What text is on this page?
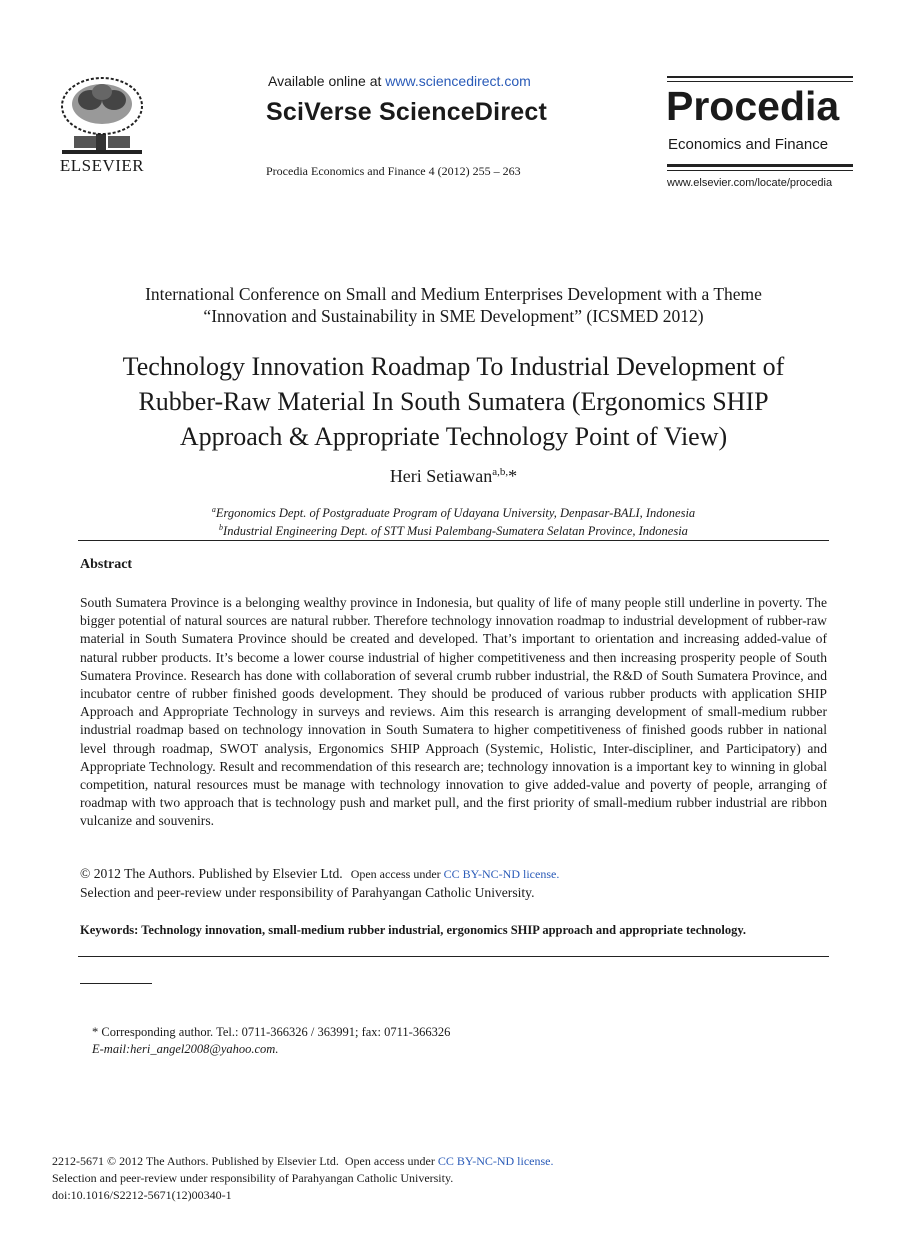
ELSEVIER
Available online at www.sciencedirect.com
SciVerse ScienceDirect
Procedia Economics and Finance 4 (2012) 255 – 263
Procedia
Economics and Finance
www.elsevier.com/locate/procedia
International Conference on Small and Medium Enterprises Development with a Theme
“Innovation and Sustainability in SME Development” (ICSMED 2012)
Technology Innovation Roadmap To Industrial Development of
Rubber-Raw Material In South Sumatera (Ergonomics SHIP
Approach & Appropriate Technology Point of View)
Heri Setiawan$^{a,b,}$*
$^a$Ergonomics Dept. of Postgraduate Program of Udayana University, Denpasar-BALI, Indonesia
$^b$Industrial Engineering Dept. of STT Musi Palembang-Sumatera Selatan Province, Indonesia
Abstract
South Sumatera Province is a belonging wealthy province in Indonesia, but quality of life of many people still underline in poverty. The bigger potential of natural sources are natural rubber. Therefore technology innovation roadmap to industrial development of rubber-raw material in South Sumatera Province should be created and developed. That’s important to orientation and increasing added-value of natural rubber products. It’s become a lower course industrial of higher competitiveness and then increasing prosperity people of South Sumatera Province. Research has done with collaboration of several crumb rubber industrial, the R&D of South Sumatera Province, and incubator centre of rubber finished goods development. They should be produced of various rubber products with application SHIP Approach and Appropriate Technology in surveys and reviews. Aim this research is arranging development of small-medium rubber industrial roadmap based on technology innovation in South Sumatera to higher competitiveness of finished goods rubber in national level through roadmap, SWOT analysis, Ergonomics SHIP Approach (Systemic, Holistic, Inter-discipliner, and Participatory) and Appropriate Technology. Result and recommendation of this research are; technology innovation is a important key to winning in global competition, natural resources must be manage with technology innovation to give added-value and poverty of people, arranging of roadmap with two approach that is technology push and market pull, and the first priority of small-medium rubber industrial are ribbon vulcanize and souvenirs.
© 2012 The Authors. Published by Elsevier Ltd. Open access under CC BY-NC-ND license.
Selection and peer-review under responsibility of Parahyangan Catholic University.
Keywords: Technology innovation, small-medium rubber industrial, ergonomics SHIP approach and appropriate technology.
* Corresponding author. Tel.: 0711-366326 / 363991; fax: 0711-366326
E-mail:heri_angel2008@yahoo.com.
2212-5671 © 2012 The Authors. Published by Elsevier Ltd. Open access under CC BY-NC-ND license.
Selection and peer-review under responsibility of Parahyangan Catholic University.
doi:10.1016/S2212-5671(12)00340-1
